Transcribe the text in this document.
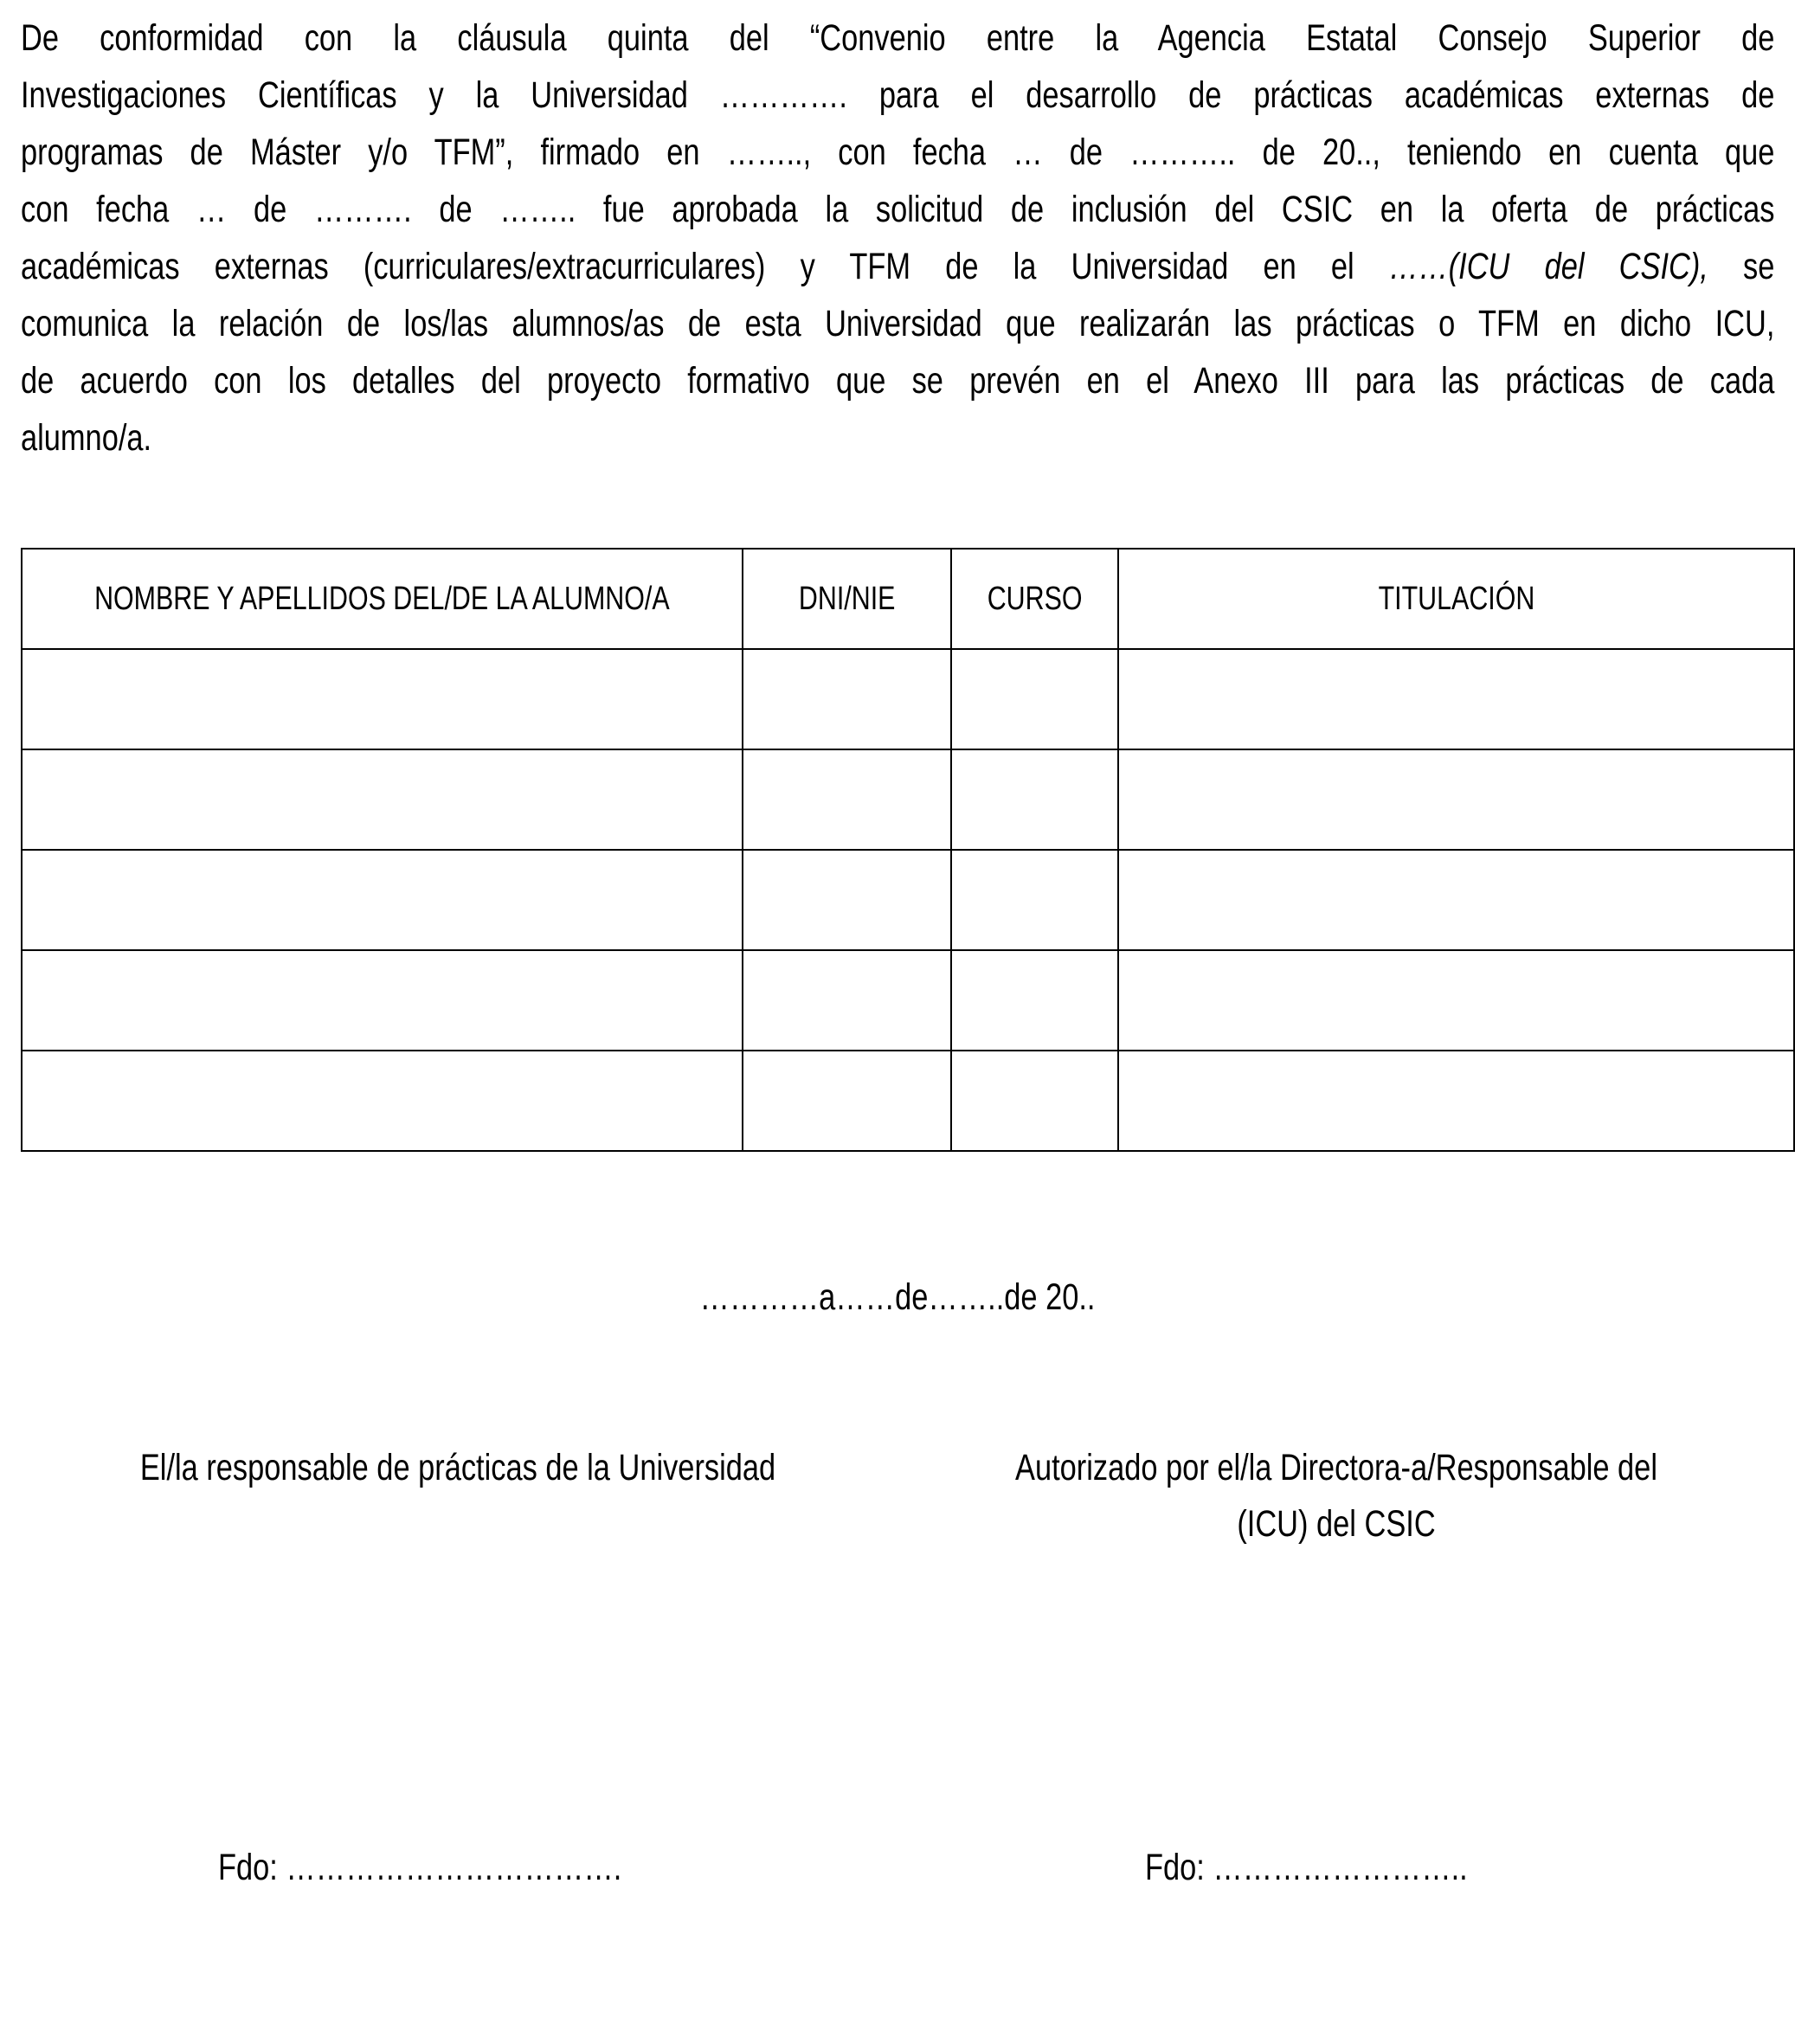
De conformidad con la cláusula quinta del “Convenio entre la Agencia Estatal Consejo Superior de
Investigaciones Científicas y la Universidad …………. para el desarrollo de prácticas académicas externas de
programas de Máster y/o TFM”, firmado en …….., con fecha … de ……….. de 20.., teniendo en cuenta que
con fecha … de ………. de …….. fue aprobada la solicitud de inclusión del CSIC en la oferta de prácticas
académicas externas (curriculares/extracurriculares) y TFM de la Universidad en el ……(ICU del CSIC), se
comunica la relación de los/las alumnos/as de esta Universidad que realizarán las prácticas o TFM en dicho ICU,
de acuerdo con los detalles del proyecto formativo que se prevén en el Anexo III para las prácticas de cada
alumno/a.
NOMBRE Y APELLIDOS DEL/DE LA ALUMNO/A	DNI/NIE	CURSO	TITULACIÓN

…………a……de……..de 20..
El/la responsable de prácticas de la Universidad	Autorizado por el/la Directora-a/Responsable del
(ICU) del CSIC
Fdo: …………………………….	Fdo: ……………………..
